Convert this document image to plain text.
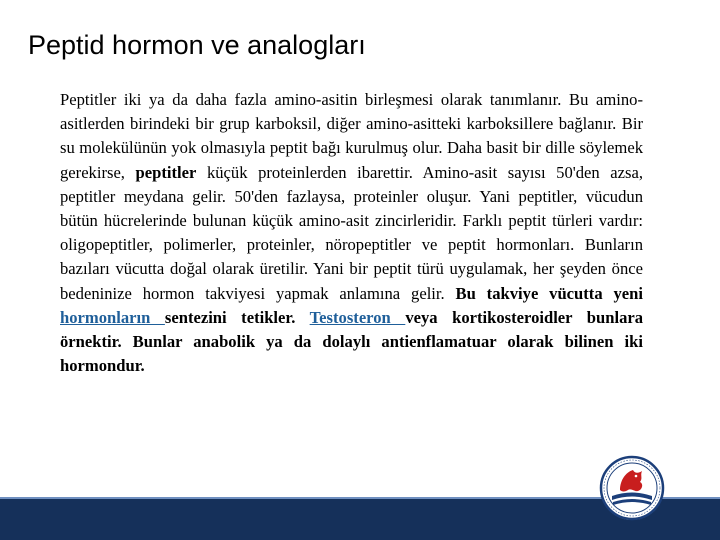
Peptid hormon ve analogları

Peptitler iki ya da daha fazla amino-asitin birleşmesi olarak tanımlanır. Bu amino-asitlerden birindeki bir grup karboksil, diğer amino-asitteki karboksillere bağlanır. Bir su molekülünün yok olmasıyla peptit bağı kurulmuş olur. Daha basit bir dille söylemek gerekirse, peptitler küçük proteinlerden ibarettir. Amino-asit sayısı 50'den azsa, peptitler meydana gelir. 50'den fazlaysa, proteinler oluşur. Yani peptitler, vücudun bütün hücrelerinde bulunan küçük amino-asit zincirleridir. Farklı peptit türleri vardır: oligopeptitler, polimerler, proteinler, nöropeptitler ve peptit hormonları. Bunların bazıları vücutta doğal olarak üretilir. Yani bir peptit türü uygulamak, her şeyden önce bedeninize hormon takviyesi yapmak anlamına gelir. Bu takviye vücutta yeni hormonların sentezini tetikler. Testosteron veya kortikosteroidler bunlara örnektir. Bunlar anabolik ya da dolaylı antienflamatuar olarak bilinen iki hormondur.

28/02/14	18
